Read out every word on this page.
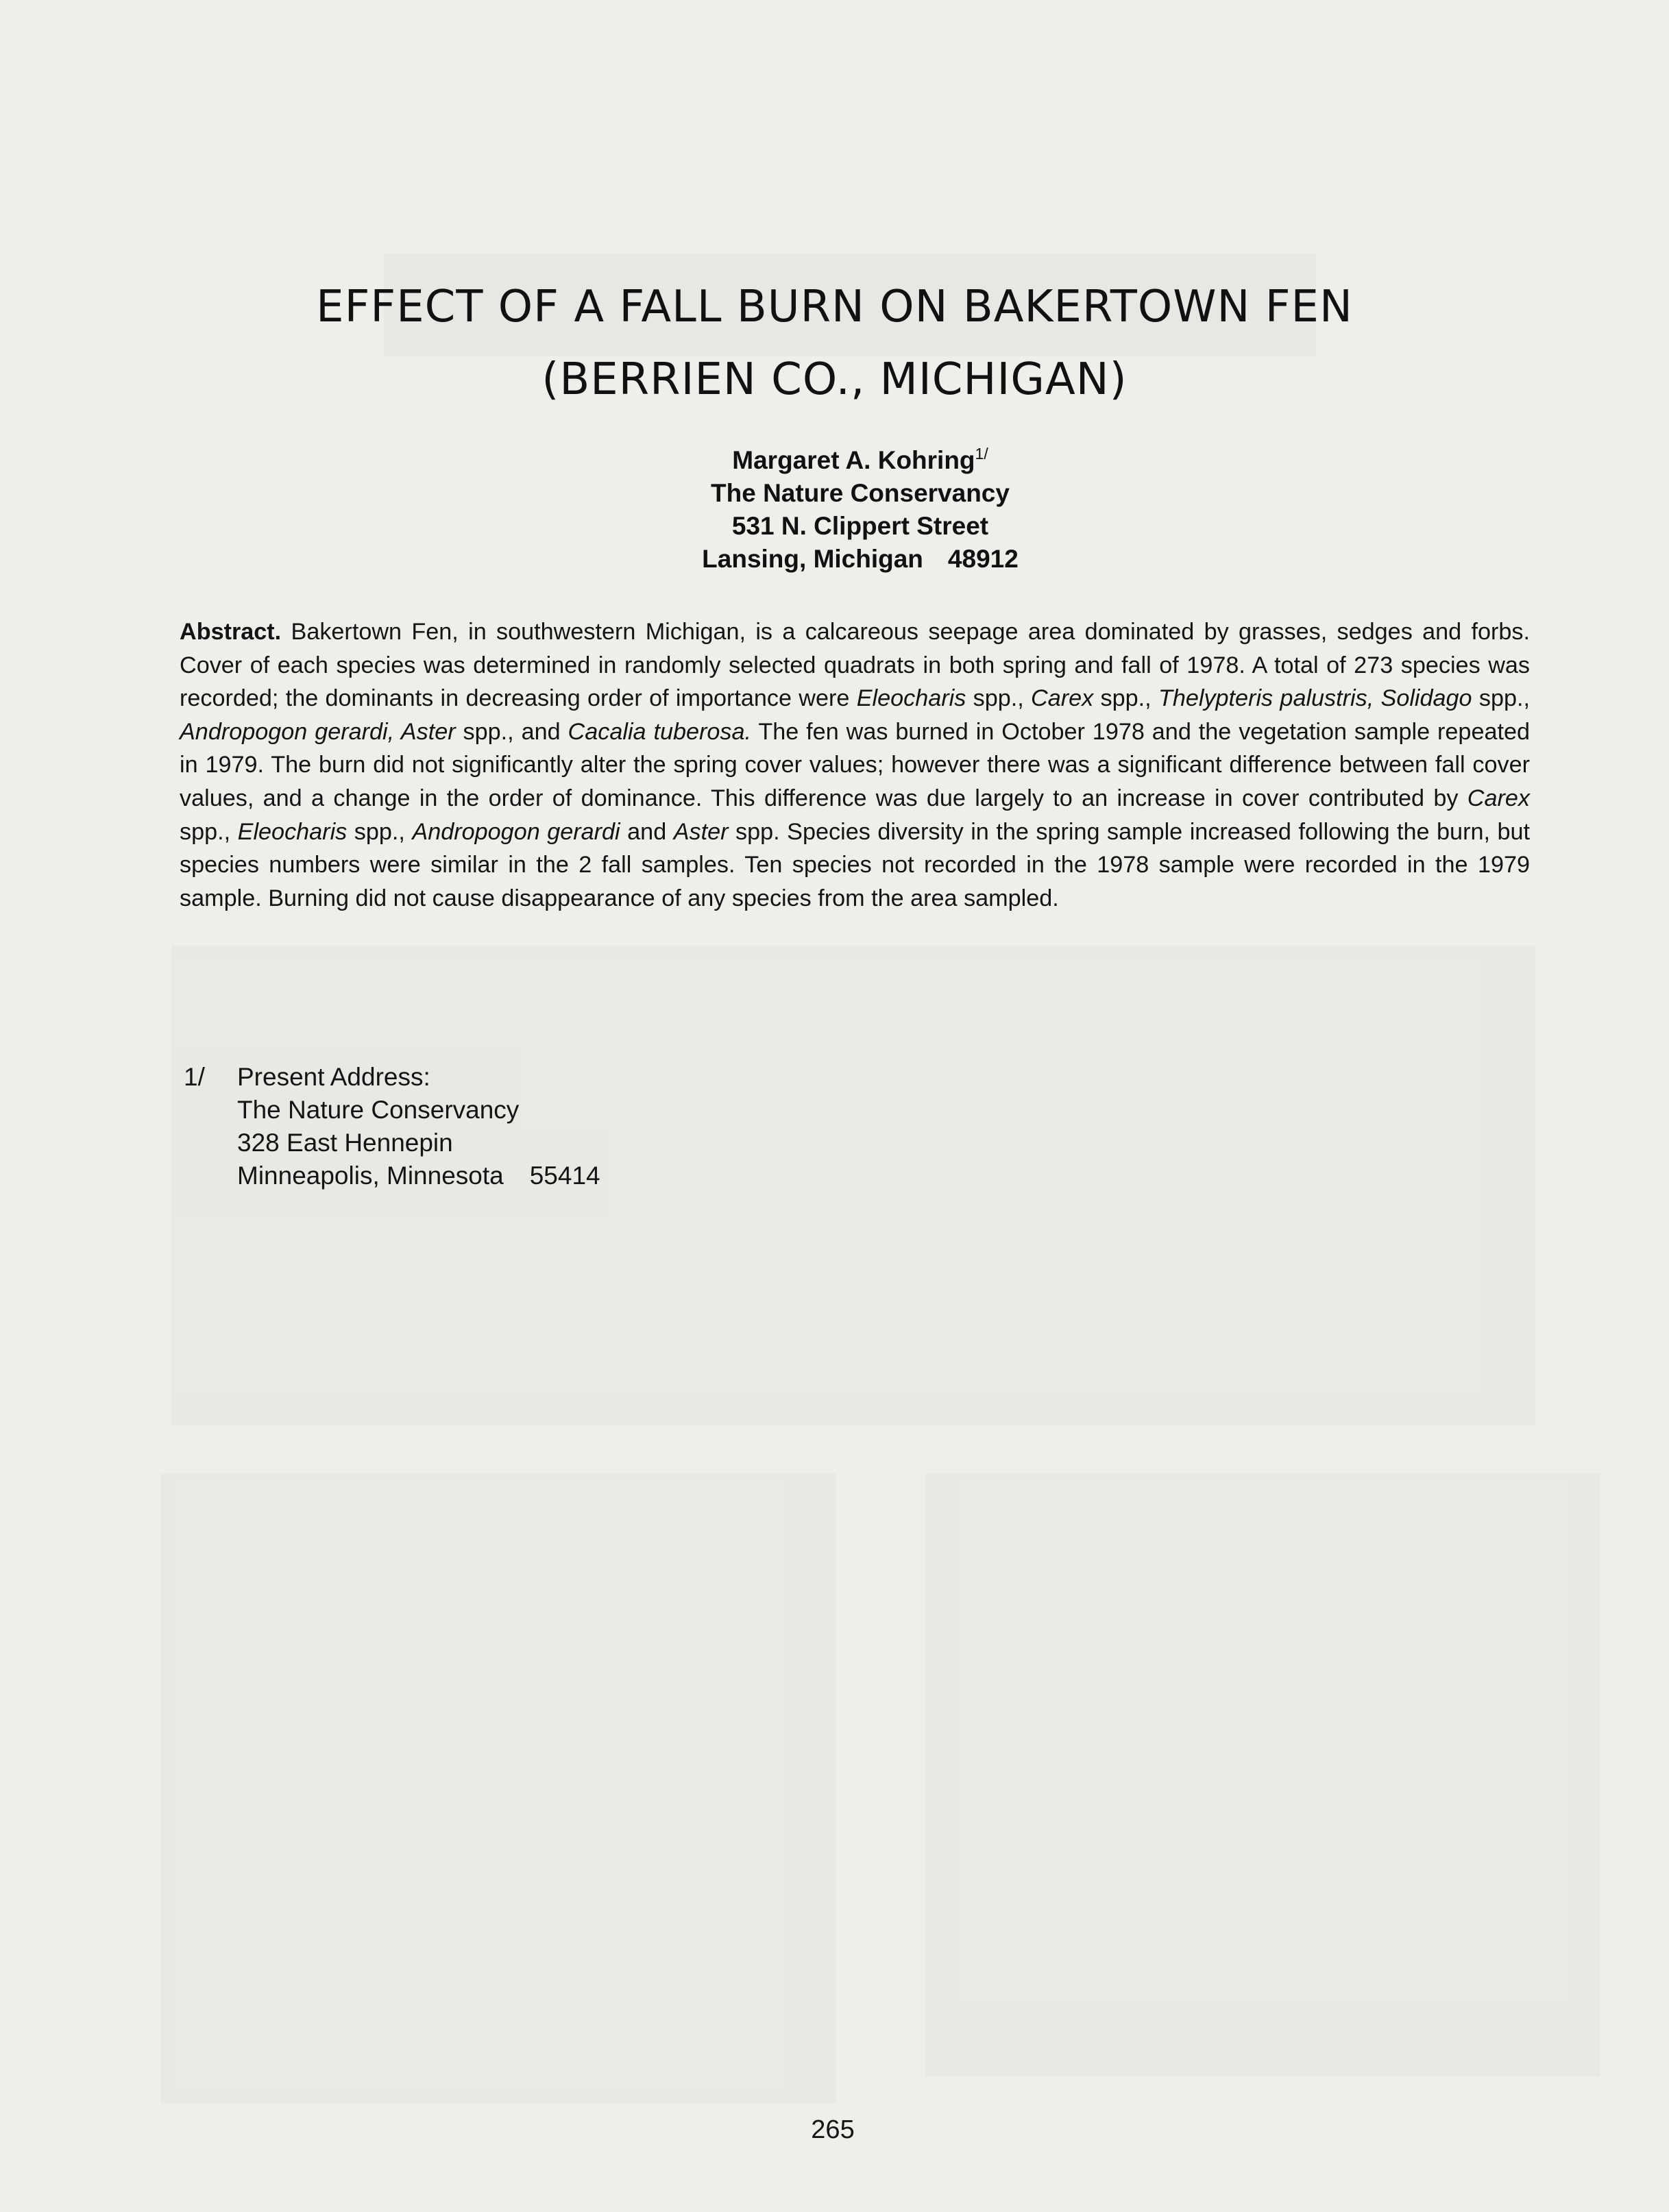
EFFECT OF A FALL BURN ON BAKERTOWN FEN
(BERRIEN CO., MICHIGAN)
Margaret A. Kohring$^{1/}$
The Nature Conservancy
531 N. Clippert Street
Lansing, Michigan 48912
Abstract. Bakertown Fen, in southwestern Michigan, is a calcareous seepage area dominated by grasses, sedges and forbs. Cover of each species was determined in randomly selected quadrats in both spring and fall of 1978. A total of 273 species was recorded; the dominants in decreasing order of importance were Eleocharis spp., Carex spp., Thelypteris palustris, Solidago spp., Andropogon gerardi, Aster spp., and Cacalia tuberosa. The fen was burned in October 1978 and the vegetation sample repeated in 1979. The burn did not significantly alter the spring cover values; however there was a significant difference between fall cover values, and a change in the order of dominance. This difference was due largely to an increase in cover contributed by Carex spp., Eleocharis spp., Andropogon gerardi and Aster spp. Species diversity in the spring sample increased following the burn, but species numbers were similar in the 2 fall samples. Ten species not recorded in the 1978 sample were recorded in the 1979 sample. Burning did not cause disappearance of any species from the area sampled.
1/ Present Address:
The Nature Conservancy
328 East Hennepin
Minneapolis, Minnesota 55414
265
